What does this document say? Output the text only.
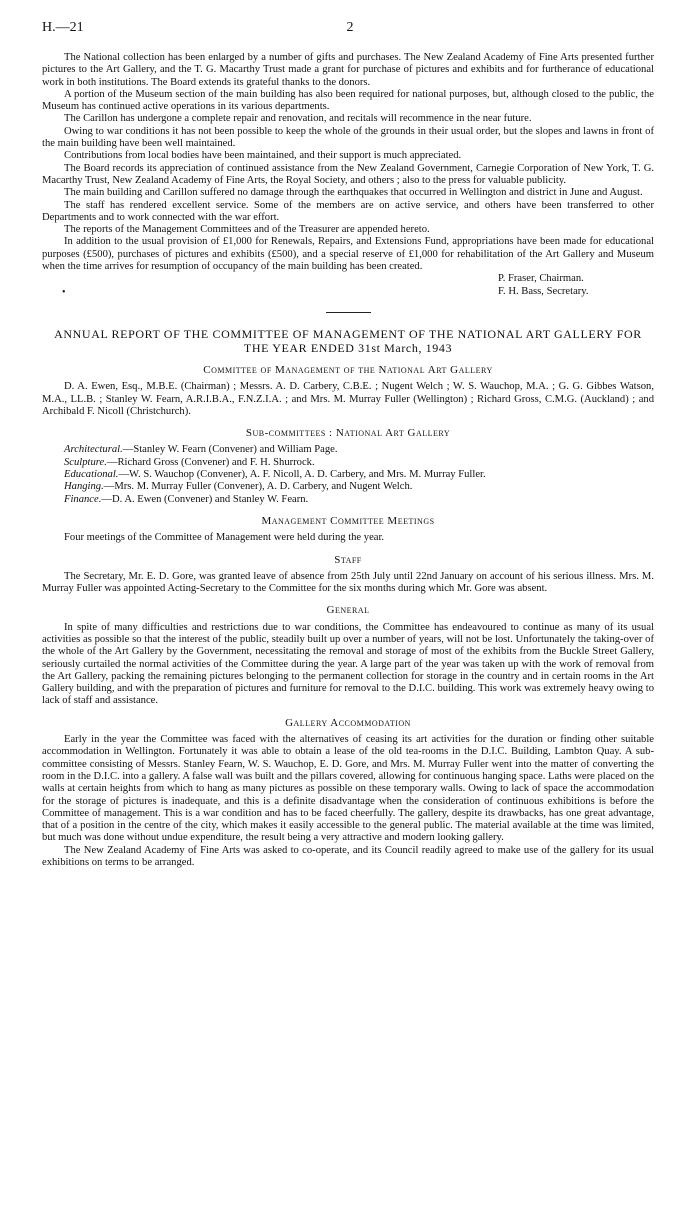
H.—21	2

The National collection has been enlarged by a number of gifts and purchases. The New Zealand Academy of Fine Arts presented further pictures to the Art Gallery, and the T. G. Macarthy Trust made a grant for purchase of pictures and exhibits and for furtherance of educational work in both institutions. The Board extends its grateful thanks to the donors.

A portion of the Museum section of the main building has also been required for national purposes, but, although closed to the public, the Museum has continued active operations in its various departments.

The Carillon has undergone a complete repair and renovation, and recitals will recommence in the near future.

Owing to war conditions it has not been possible to keep the whole of the grounds in their usual order, but the slopes and lawns in front of the main building have been well maintained.

Contributions from local bodies have been maintained, and their support is much appreciated.

The Board records its appreciation of continued assistance from the New Zealand Government, Carnegie Corporation of New York, T. G. Macarthy Trust, New Zealand Academy of Fine Arts, the Royal Society, and others ; also to the press for valuable publicity.

The main building and Carillon suffered no damage through the earthquakes that occurred in Wellington and district in June and August.

The staff has rendered excellent service. Some of the members are on active service, and others have been transferred to other Departments and to work connected with the war effort.

The reports of the Management Committees and of the Treasurer are appended hereto.

In addition to the usual provision of £1,000 for Renewals, Repairs, and Extensions Fund, appropriations have been made for educational purposes (£500), purchases of pictures and exhibits (£500), and a special reserve of £1,000 for rehabilitation of the Art Gallery and Museum when the time arrives for resumption of occupancy of the main building has been created.

•

P. Fraser, Chairman.

F. H. Bass, Secretary.

ANNUAL REPORT OF THE COMMITTEE OF MANAGEMENT OF THE NATIONAL ART GALLERY FOR THE YEAR ENDED 31st March, 1943

Committee of Management of the National Art Gallery

D. A. Ewen, Esq., M.B.E. (Chairman) ; Messrs. A. D. Carbery, C.B.E. ; Nugent Welch ; W. S. Wauchop, M.A. ; G. G. Gibbes Watson, M.A., LL.B. ; Stanley W. Fearn, A.R.I.B.A., F.N.Z.I.A. ; and Mrs. M. Murray Fuller (Wellington) ; Richard Gross, C.M.G. (Auckland) ; and Archibald F. Nicoll (Christchurch).

Sub-committees : National Art Gallery

Architectural.—Stanley W. Fearn (Convener) and William Page.

Sculpture.—Richard Gross (Convener) and F. H. Shurrock.

Educational.—W. S. Wauchop (Convener), A. F. Nicoll, A. D. Carbery, and Mrs. M. Murray Fuller.

Hanging.—Mrs. M. Murray Fuller (Convener), A. D. Carbery, and Nugent Welch.

Finance.—D. A. Ewen (Convener) and Stanley W. Fearn.

Management Committee Meetings

Four meetings of the Committee of Management were held during the year.

Staff

The Secretary, Mr. E. D. Gore, was granted leave of absence from 25th July until 22nd January on account of his serious illness. Mrs. M. Murray Fuller was appointed Acting-Secretary to the Committee for the six months during which Mr. Gore was absent.

General

In spite of many difficulties and restrictions due to war conditions, the Committee has endeavoured to continue as many of its usual activities as possible so that the interest of the public, steadily built up over a number of years, will not be lost. Unfortunately the taking-over of the whole of the Art Gallery by the Government, necessitating the removal and storage of most of the exhibits from the Buckle Street Gallery, seriously curtailed the normal activities of the Committee during the year. A large part of the year was taken up with the work of removal from the Art Gallery, packing the remaining pictures belonging to the permanent collection for storage in the country and in certain rooms in the Art Gallery building, and with the preparation of pictures and furniture for removal to the D.I.C. building. This work was extremely heavy owing to lack of staff and assistance.

Gallery Accommodation

Early in the year the Committee was faced with the alternatives of ceasing its art activities for the duration or finding other suitable accommodation in Wellington. Fortunately it was able to obtain a lease of the old tea-rooms in the D.I.C. Building, Lambton Quay. A sub-committee consisting of Messrs. Stanley Fearn, W. S. Wauchop, E. D. Gore, and Mrs. M. Murray Fuller went into the matter of converting the room in the D.I.C. into a gallery. A false wall was built and the pillars covered, allowing for continuous hanging space. Laths were placed on the walls at certain heights from which to hang as many pictures as possible on these temporary walls. Owing to lack of space the accommodation for the storage of pictures is inadequate, and this is a definite disadvantage when the consideration of continuous exhibitions is before the Committee of management. This is a war condition and has to be faced cheerfully. The gallery, despite its drawbacks, has one great advantage, that of a position in the centre of the city, which makes it easily accessible to the general public. The material available at the time was limited, but much was done without undue expenditure, the result being a very attractive and modern looking gallery.

The New Zealand Academy of Fine Arts was asked to co-operate, and its Council readily agreed to make use of the gallery for its usual exhibitions on terms to be arranged.
